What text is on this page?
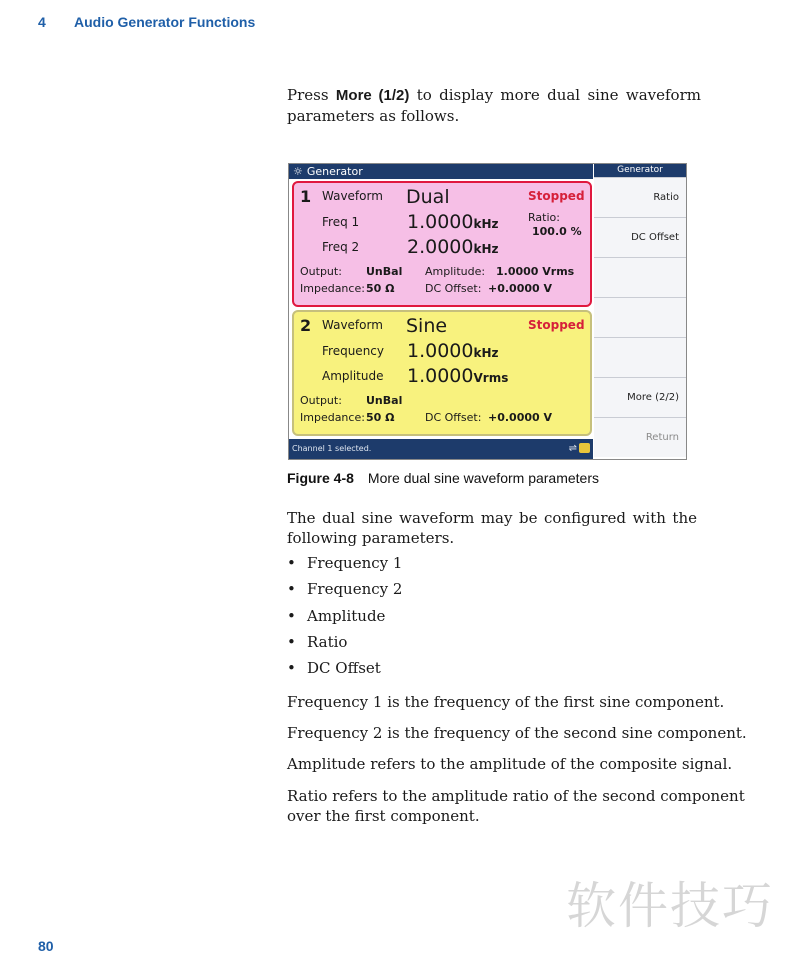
4 Audio Generator Functions
Press More (1/2) to display more dual sine waveform parameters as follows.
☼ Generator
1 Waveform Dual	Stopped
Freq 1	1.0000kHz	Ratio:
100.0 %
Freq 2	2.0000kHz
Output: UnBal Amplitude: 1.0000 Vrms
Impedance: 50 Ω	DC Offset: +0.0000 V
2 Waveform Sine	Stopped
Frequency 1.0000kHz
Amplitude 1.0000Vrms
Output: UnBal
Impedance: 50 Ω	DC Offset: +0.0000 V
Channel 1 selected.	⇌
Generator
Ratio
DC Offset
More (2/2)
Return
Figure 4-8 More dual sine waveform parameters
The dual sine waveform may be configured with the following parameters.
• Frequency 1
• Frequency 2
• Amplitude
• Ratio
• DC Offset
Frequency 1 is the frequency of the first sine component.
Frequency 2 is the frequency of the second sine component.
Amplitude refers to the amplitude of the composite signal.
Ratio refers to the amplitude ratio of the second component over the first component.
80
软件技巧
